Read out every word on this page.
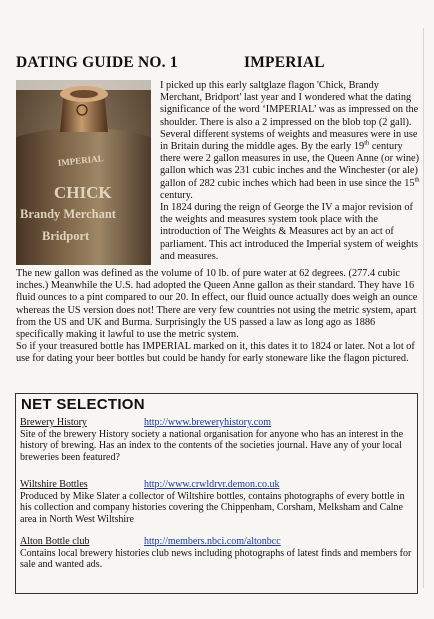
DATING GUIDE NO. 1	IMPERIAL
IMPERIAL
CHICK
Brandy Merchant
Bridport

I picked up this early saltglaze flagon 'Chick, Brandy Merchant, Bridport' last year and I wondered what the dating significance of the word ‘IMPERIAL’ was as impressed on the shoulder. There is also a 2 impressed on the blob top (2 gall).

Several different systems of weights and measures were in use in Britain during the middle ages. By the early 19th century there were 2 gallon measures in use, the Queen Anne (or wine) gallon which was 231 cubic inches and the Winchester (or ale) gallon of 282 cubic inches which had been in use since the 15th century.

In 1824 during the reign of George the IV a major revision of the weights and measures system took place with the introduction of The Weights & Measures act by an act of parliament. This act introduced the Imperial system of weights and measures.

The new gallon was defined as the volume of 10 lb. of pure water at 62 degrees. (277.4 cubic inches.) Meanwhile the U.S. had adopted the Queen Anne gallon as their standard. They have 16 fluid ounces to a pint compared to our 20. In effect, our fluid ounce actually does weigh an ounce whereas the US version does not! There are very few countries not using the metric system, apart from the US and UK and Burma. Surprisingly the US passed a law as long ago as 1886 specifically making it lawful to use the metric system.

So if your treasured bottle has IMPERIAL marked on it, this dates it to 1824 or later. Not a lot of use for dating your beer bottles but could be handy for early stoneware like the flagon pictured.

NET SELECTION
Brewery History	http://www.breweryhistory.com

Site of the brewery History society a national organisation for anyone who has an interest in the history of brewing. Has an index to the contents of the societies journal. Have any of your local breweries been featured?

Wiltshire Bottles	http://www.crwldrvr.demon.co.uk

Produced by Mike Slater a collector of Wiltshire bottles, contains photographs of every bottle in his collection and company histories covering the Chippenham, Corsham, Melksham and Calne area in North West Wiltshire

Alton Bottle club	http://members.nbci.com/altonbcc

Contains local brewery histories club news including photographs of latest finds and members for sale and wanted ads.
